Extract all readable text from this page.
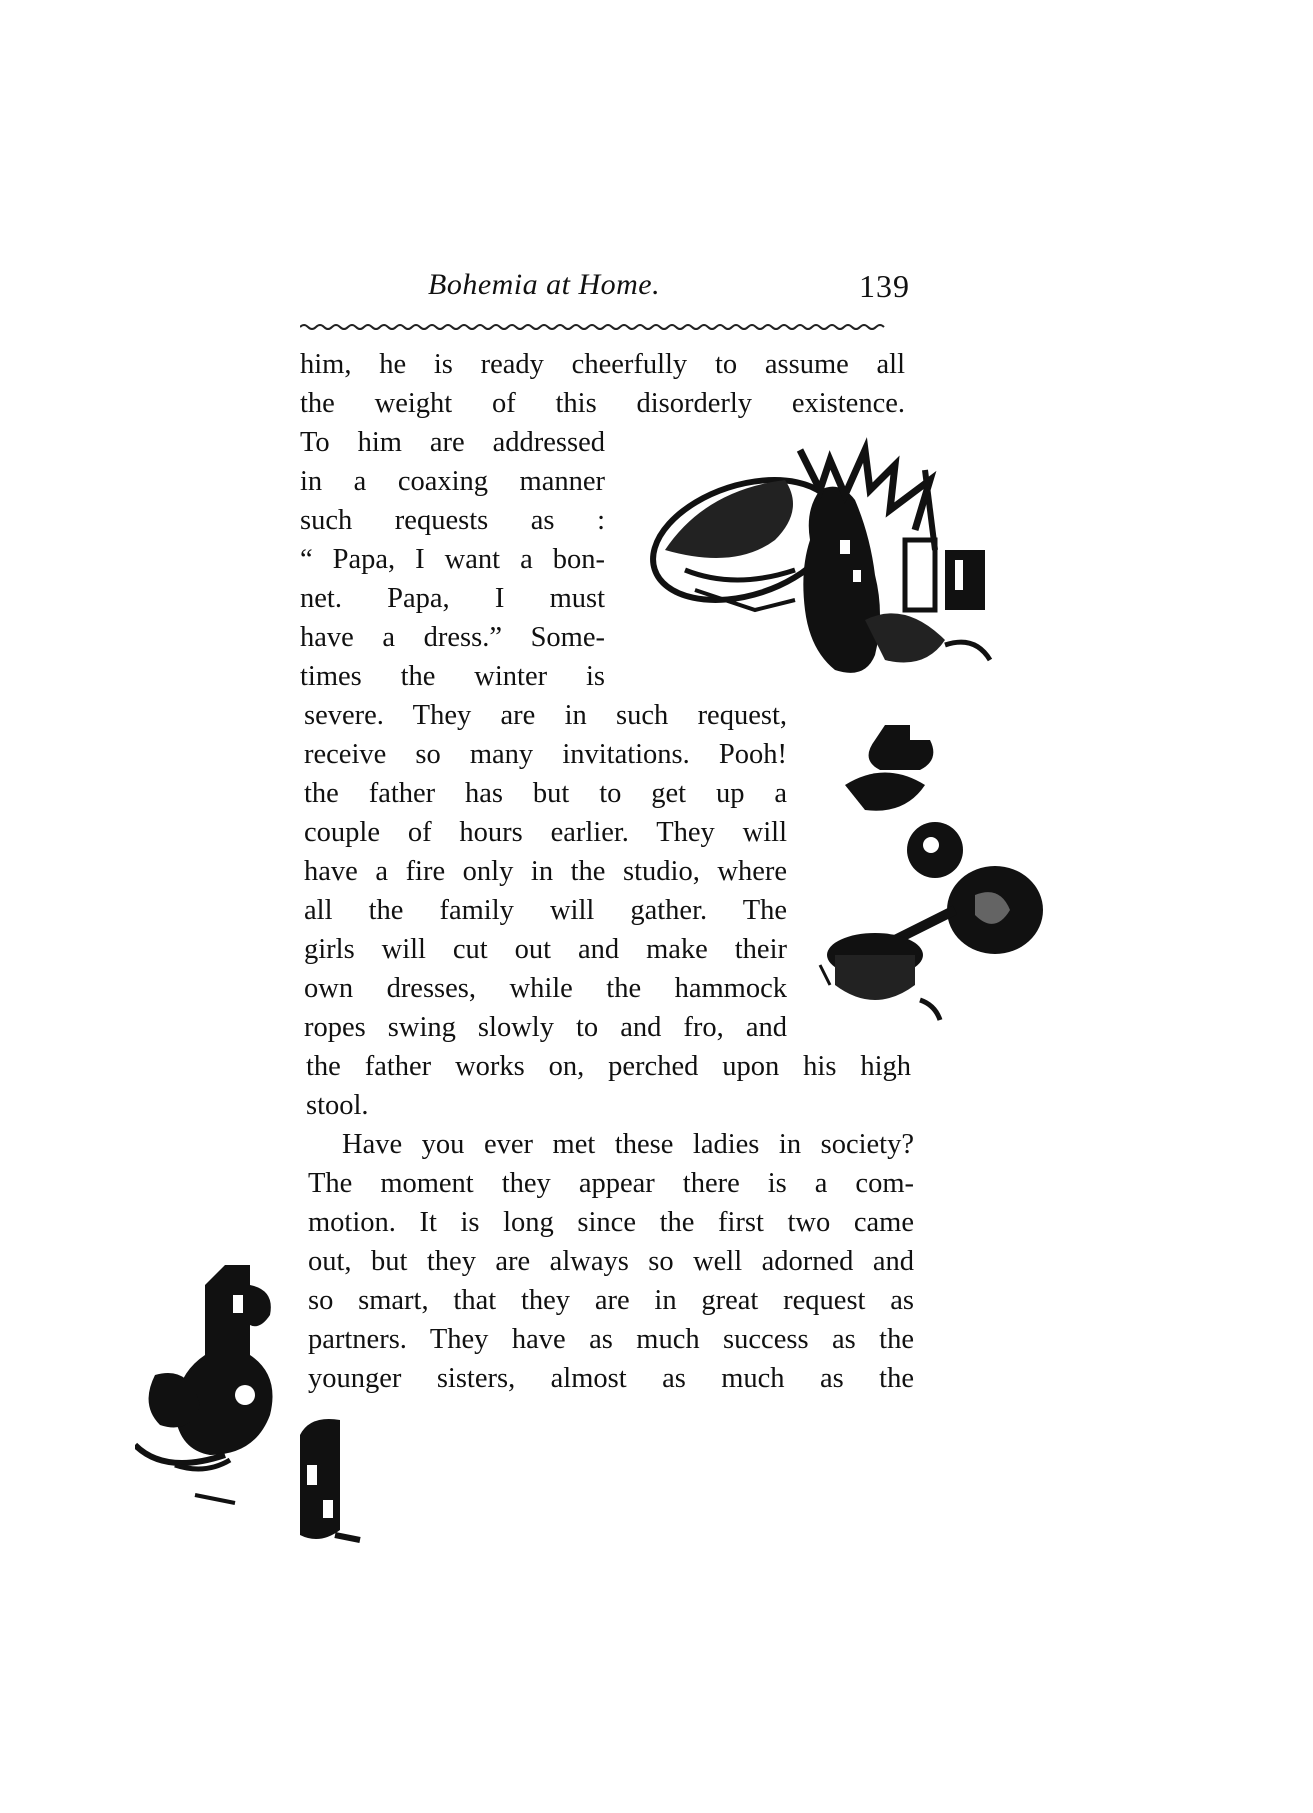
Bohemia at Home.	139
him, he is ready cheerfully to assume all
the weight of this disorderly existence.
To him are addressed
in a coaxing manner
such requests as :
“ Papa, I want a bon-
net. Papa, I must
have a dress.” Some-
times the winter is
severe. They are in such request,
receive so many invitations. Pooh!
the father has but to get up a
couple of hours earlier. They will
have a fire only in the studio, where
all the family will gather. The
girls will cut out and make their
own dresses, while the hammock
ropes swing slowly to and fro, and
the father works on, perched upon his high
stool.
Have you ever met these ladies in society?
The moment they appear there is a com-
motion. It is long since the first two came
out, but they are always so well adorned and
so smart, that they are in great request as
partners. They have as much success as the
younger sisters, almost as much as the
